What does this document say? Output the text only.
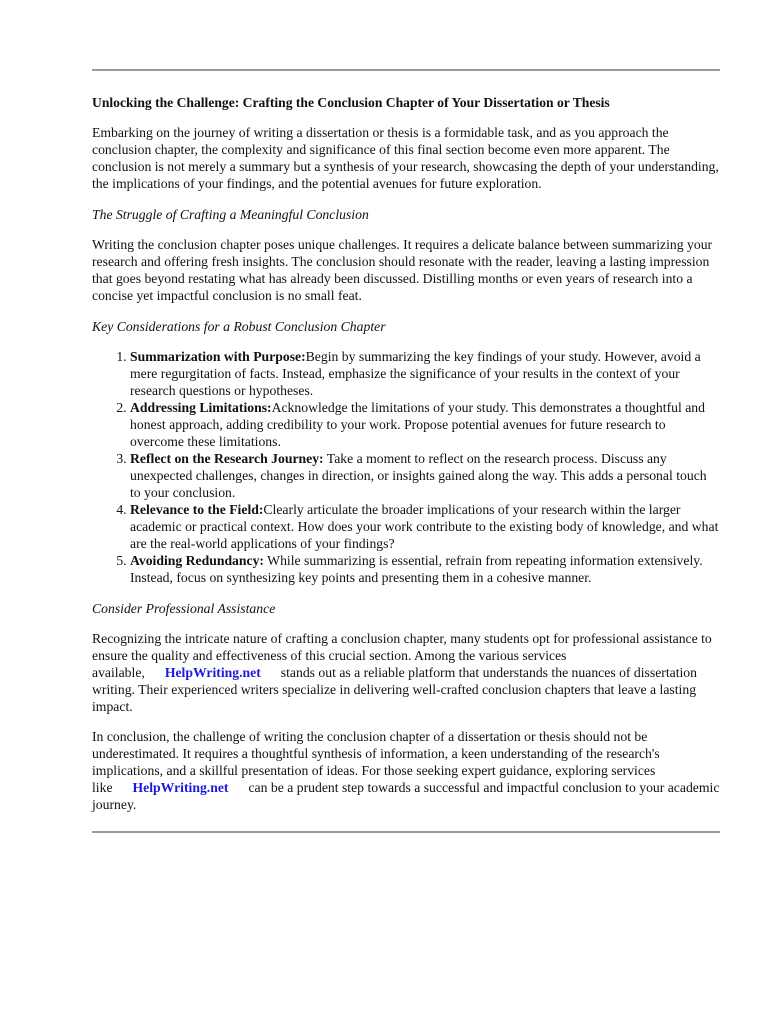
Unlocking the Challenge: Crafting the Conclusion Chapter of Your Dissertation or Thesis

Embarking on the journey of writing a dissertation or thesis is a formidable task, and as you approach the conclusion chapter, the complexity and significance of this final section become even more apparent. The conclusion is not merely a summary but a synthesis of your research, showcasing the depth of your understanding, the implications of your findings, and the potential avenues for future exploration.

The Struggle of Crafting a Meaningful Conclusion

Writing the conclusion chapter poses unique challenges. It requires a delicate balance between summarizing your research and offering fresh insights. The conclusion should resonate with the reader, leaving a lasting impression that goes beyond restating what has already been discussed. Distilling months or even years of research into a concise yet impactful conclusion is no small feat.

Key Considerations for a Robust Conclusion Chapter
1. Summarization with Purpose:Begin by summarizing the key findings of your study. However, avoid a mere regurgitation of facts. Instead, emphasize the significance of your results in the context of your research questions or hypotheses.
2. Addressing Limitations:Acknowledge the limitations of your study. This demonstrates a thoughtful and honest approach, adding credibility to your work. Propose potential avenues for future research to overcome these limitations.
3. Reflect on the Research Journey: Take a moment to reflect on the research process. Discuss any unexpected challenges, changes in direction, or insights gained along the way. This adds a personal touch to your conclusion.
4. Relevance to the Field:Clearly articulate the broader implications of your research within the larger academic or practical context. How does your work contribute to the existing body of knowledge, and what are the real-world applications of your findings?
5. Avoiding Redundancy: While summarizing is essential, refrain from repeating information extensively. Instead, focus on synthesizing key points and presenting them in a cohesive manner.
Consider Professional Assistance

Recognizing the intricate nature of crafting a conclusion chapter, many students opt for professional assistance to ensure the quality and effectiveness of this crucial section. Among the various services available, HelpWriting.net stands out as a reliable platform that understands the nuances of dissertation writing. Their experienced writers specialize in delivering well-crafted conclusion chapters that leave a lasting impact.

In conclusion, the challenge of writing the conclusion chapter of a dissertation or thesis should not be underestimated. It requires a thoughtful synthesis of information, a keen understanding of the research's implications, and a skillful presentation of ideas. For those seeking expert guidance, exploring services like HelpWriting.net can be a prudent step towards a successful and impactful conclusion to your academic journey.
